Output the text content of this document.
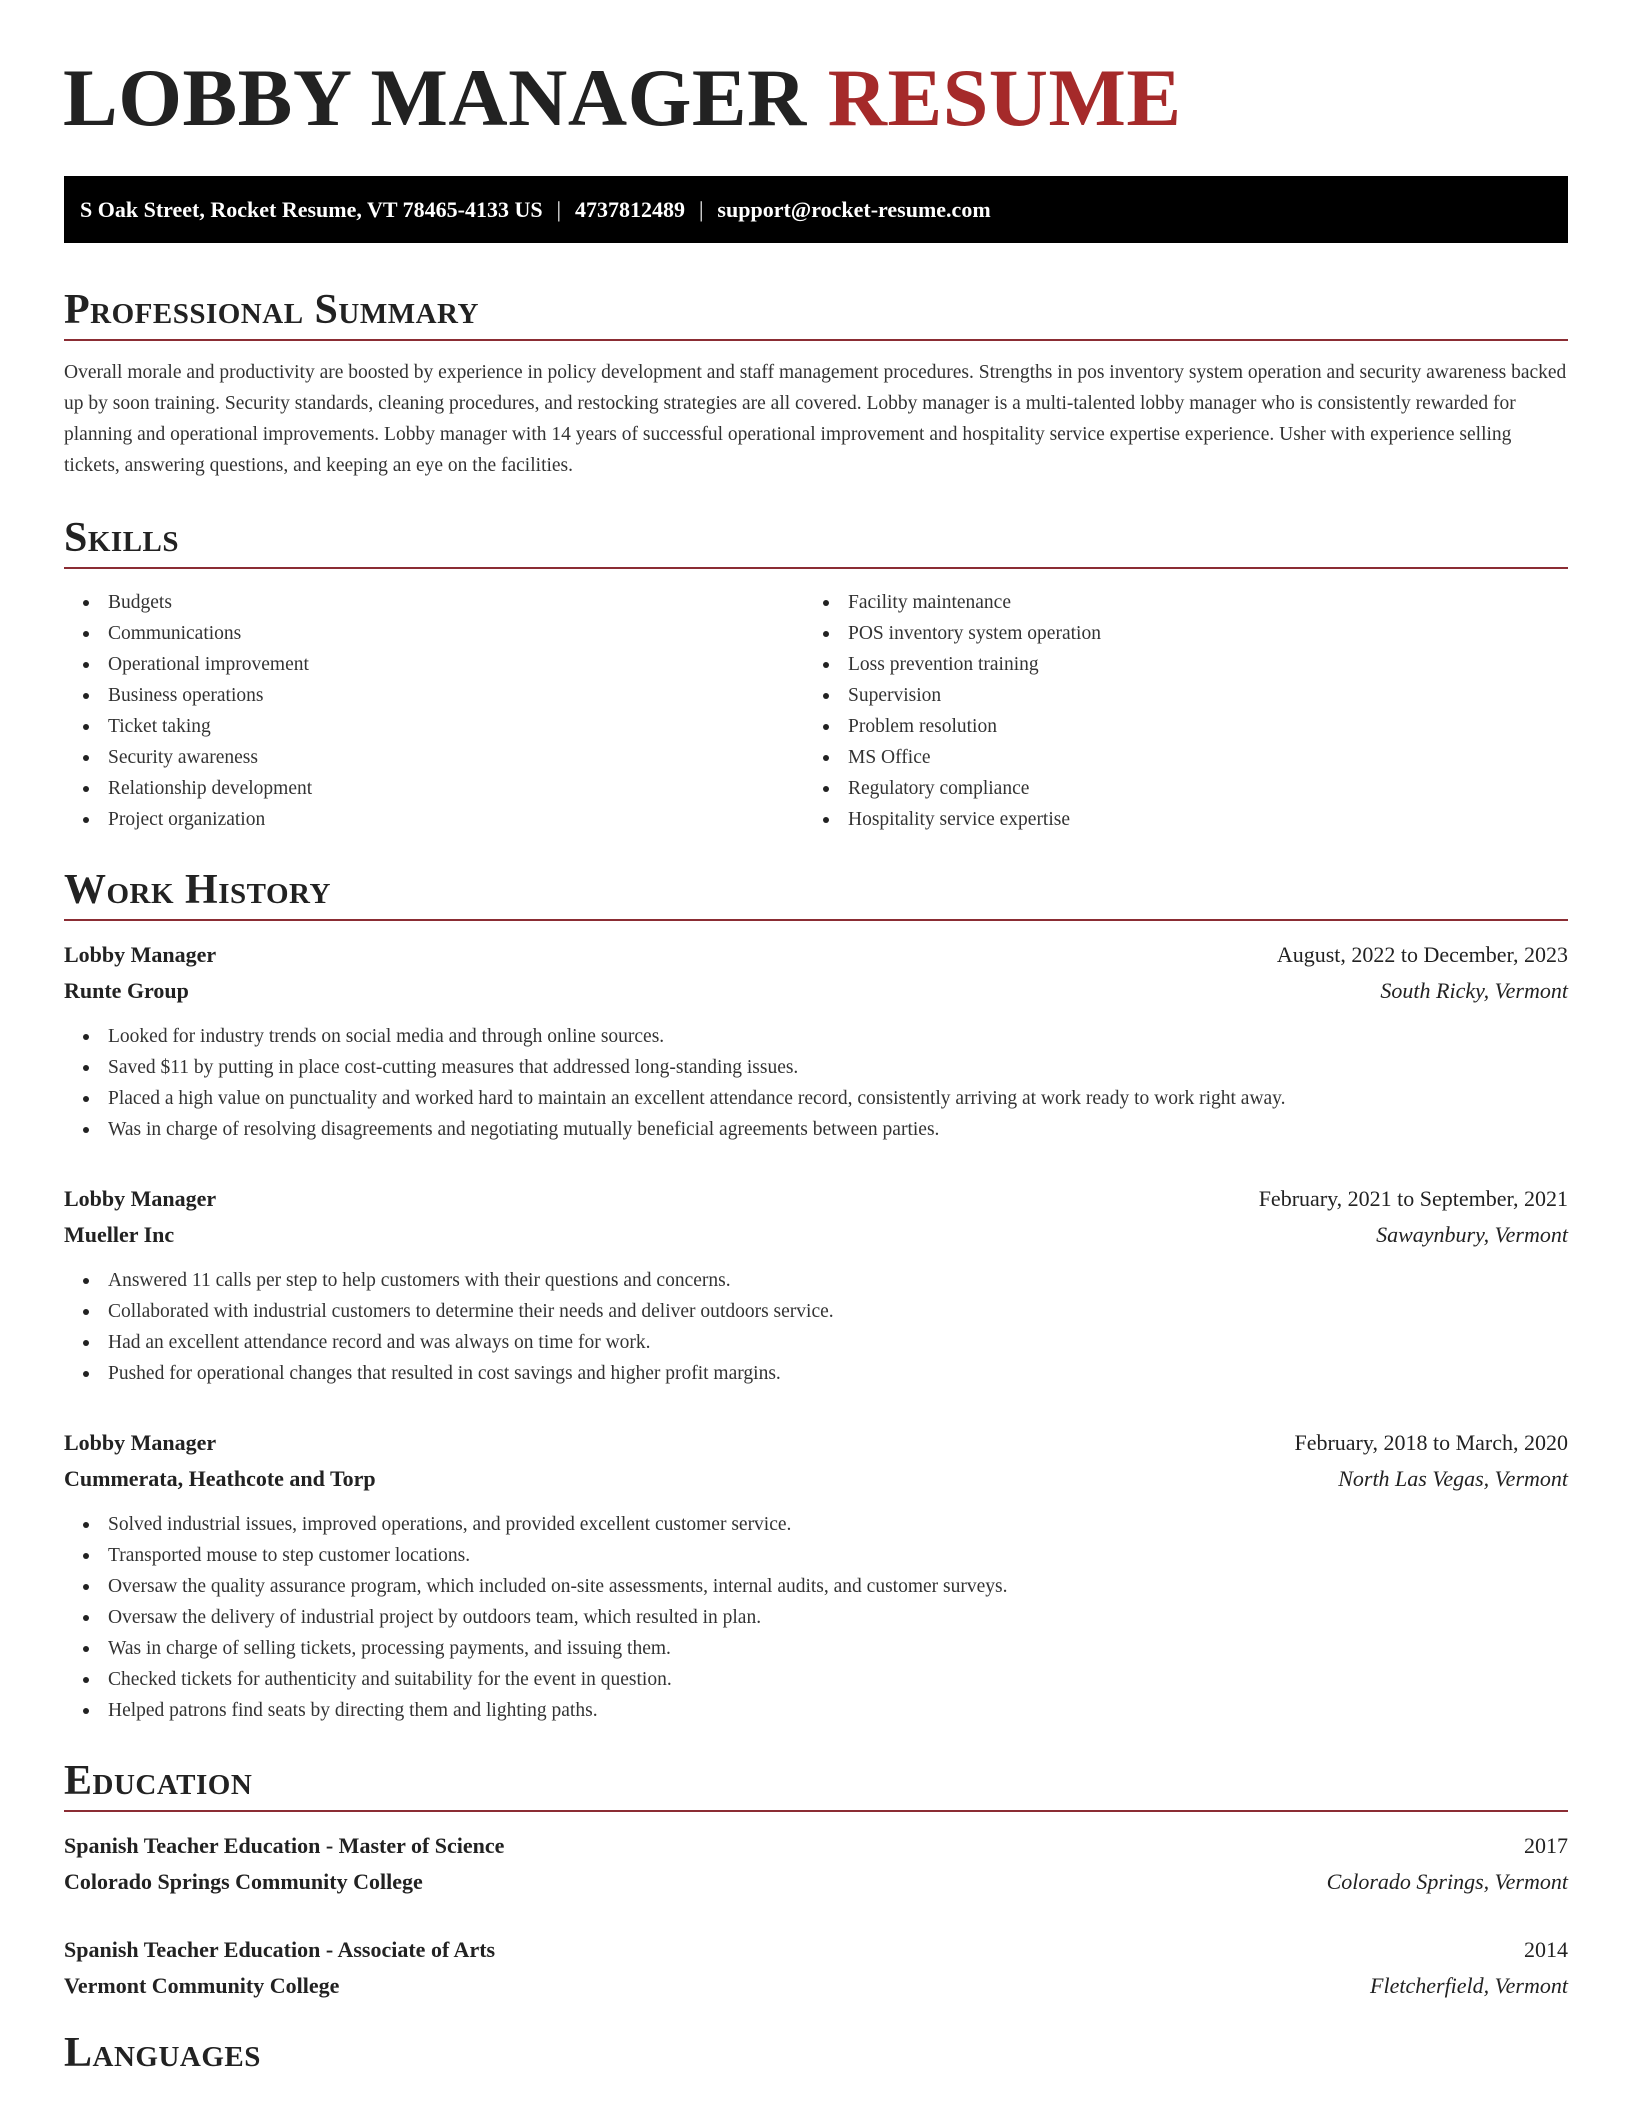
LOBBY MANAGER RESUME
S Oak Street, Rocket Resume, VT 78465-4133 US | 4737812489 | support@rocket-resume.com
Professional Summary

Overall morale and productivity are boosted by experience in policy development and staff management procedures. Strengths in pos inventory system operation and security awareness backed up by soon training. Security standards, cleaning procedures, and restocking strategies are all covered. Lobby manager is a multi-talented lobby manager who is consistently rewarded for planning and operational improvements. Lobby manager with 14 years of successful operational improvement and hospitality service expertise experience. Usher with experience selling tickets, answering questions, and keeping an eye on the facilities.

Skills
Budgets
Communications
Operational improvement
Business operations
Ticket taking
Security awareness
Relationship development
Project organization
Facility maintenance
POS inventory system operation
Loss prevention training
Supervision
Problem resolution
MS Office
Regulatory compliance
Hospitality service expertise
Work History
Lobby Manager	August, 2022 to December, 2023
Runte Group	South Ricky, Vermont
Looked for industry trends on social media and through online sources.
Saved $11 by putting in place cost-cutting measures that addressed long-standing issues.
Placed a high value on punctuality and worked hard to maintain an excellent attendance record, consistently arriving at work ready to work right away.
Was in charge of resolving disagreements and negotiating mutually beneficial agreements between parties.
Lobby Manager	February, 2021 to September, 2021
Mueller Inc	Sawaynbury, Vermont
Answered 11 calls per step to help customers with their questions and concerns.
Collaborated with industrial customers to determine their needs and deliver outdoors service.
Had an excellent attendance record and was always on time for work.
Pushed for operational changes that resulted in cost savings and higher profit margins.
Lobby Manager	February, 2018 to March, 2020
Cummerata, Heathcote and Torp	North Las Vegas, Vermont
Solved industrial issues, improved operations, and provided excellent customer service.
Transported mouse to step customer locations.
Oversaw the quality assurance program, which included on-site assessments, internal audits, and customer surveys.
Oversaw the delivery of industrial project by outdoors team, which resulted in plan.
Was in charge of selling tickets, processing payments, and issuing them.
Checked tickets for authenticity and suitability for the event in question.
Helped patrons find seats by directing them and lighting paths.
Education
Spanish Teacher Education - Master of Science	2017
Colorado Springs Community College	Colorado Springs, Vermont
Spanish Teacher Education - Associate of Arts	2014
Vermont Community College	Fletcherfield, Vermont
Languages
